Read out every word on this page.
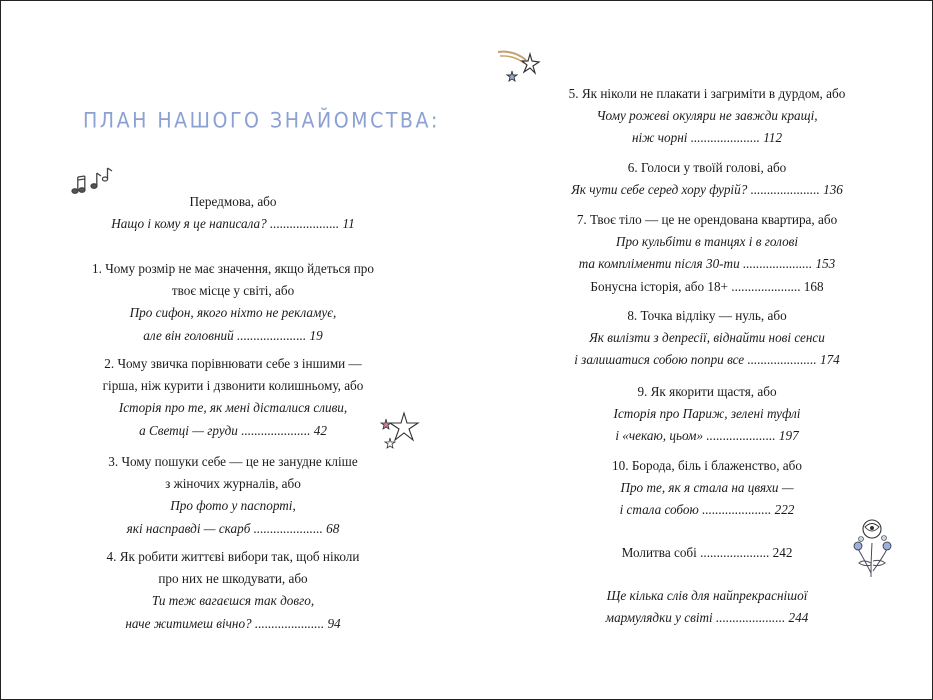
ПЛАН НАШОГО ЗНАЙОМСТВА:
Передмова, або
Нащо і кому я це написала? ..................... 11
1. Чому розмір не має значення, якщо йдеться про
твоє місце у світі, або
Про сифон, якого ніхто не рекламує,
але він головний ..................... 19
2. Чому звичка порівнювати себе з іншими —
гірша, ніж курити і дзвонити колишньому, або
Історія про те, як мені дісталися сливи,
а Светці — груди ..................... 42
3. Чому пошуки себе — це не занудне кліше
з жіночих журналів, або
Про фото у паспорті,
які насправді — скарб ..................... 68
4. Як робити життєві вибори так, щоб ніколи
про них не шкодувати, або
Ти теж вагаєшся так довго,
наче житимеш вічно? ..................... 94
5. Як ніколи не плакати і загриміти в дурдом, або
Чому рожеві окуляри не завжди кращі,
ніж чорні ..................... 112
6. Голоси у твоїй голові, або
Як чути себе серед хору фурій? ..................... 136
7. Твоє тіло — це не орендована квартира, або
Про кульбіти в танцях і в голові
та компліменти після 30-ти ..................... 153
Бонусна історія, або 18+ ..................... 168
8. Точка відліку — нуль, або
Як вилізти з депресії, віднайти нові сенси
і залишатися собою попри все ..................... 174
9. Як якорити щастя, або
Історія про Париж, зелені туфлі
і «чекаю, цьом» ..................... 197
10. Борода, біль і блаженство, або
Про те, як я стала на цвяхи —
і стала собою ..................... 222
Молитва собі ..................... 242
Ще кілька слів для найпрекраснішої
мармулядки у світі ..................... 244
